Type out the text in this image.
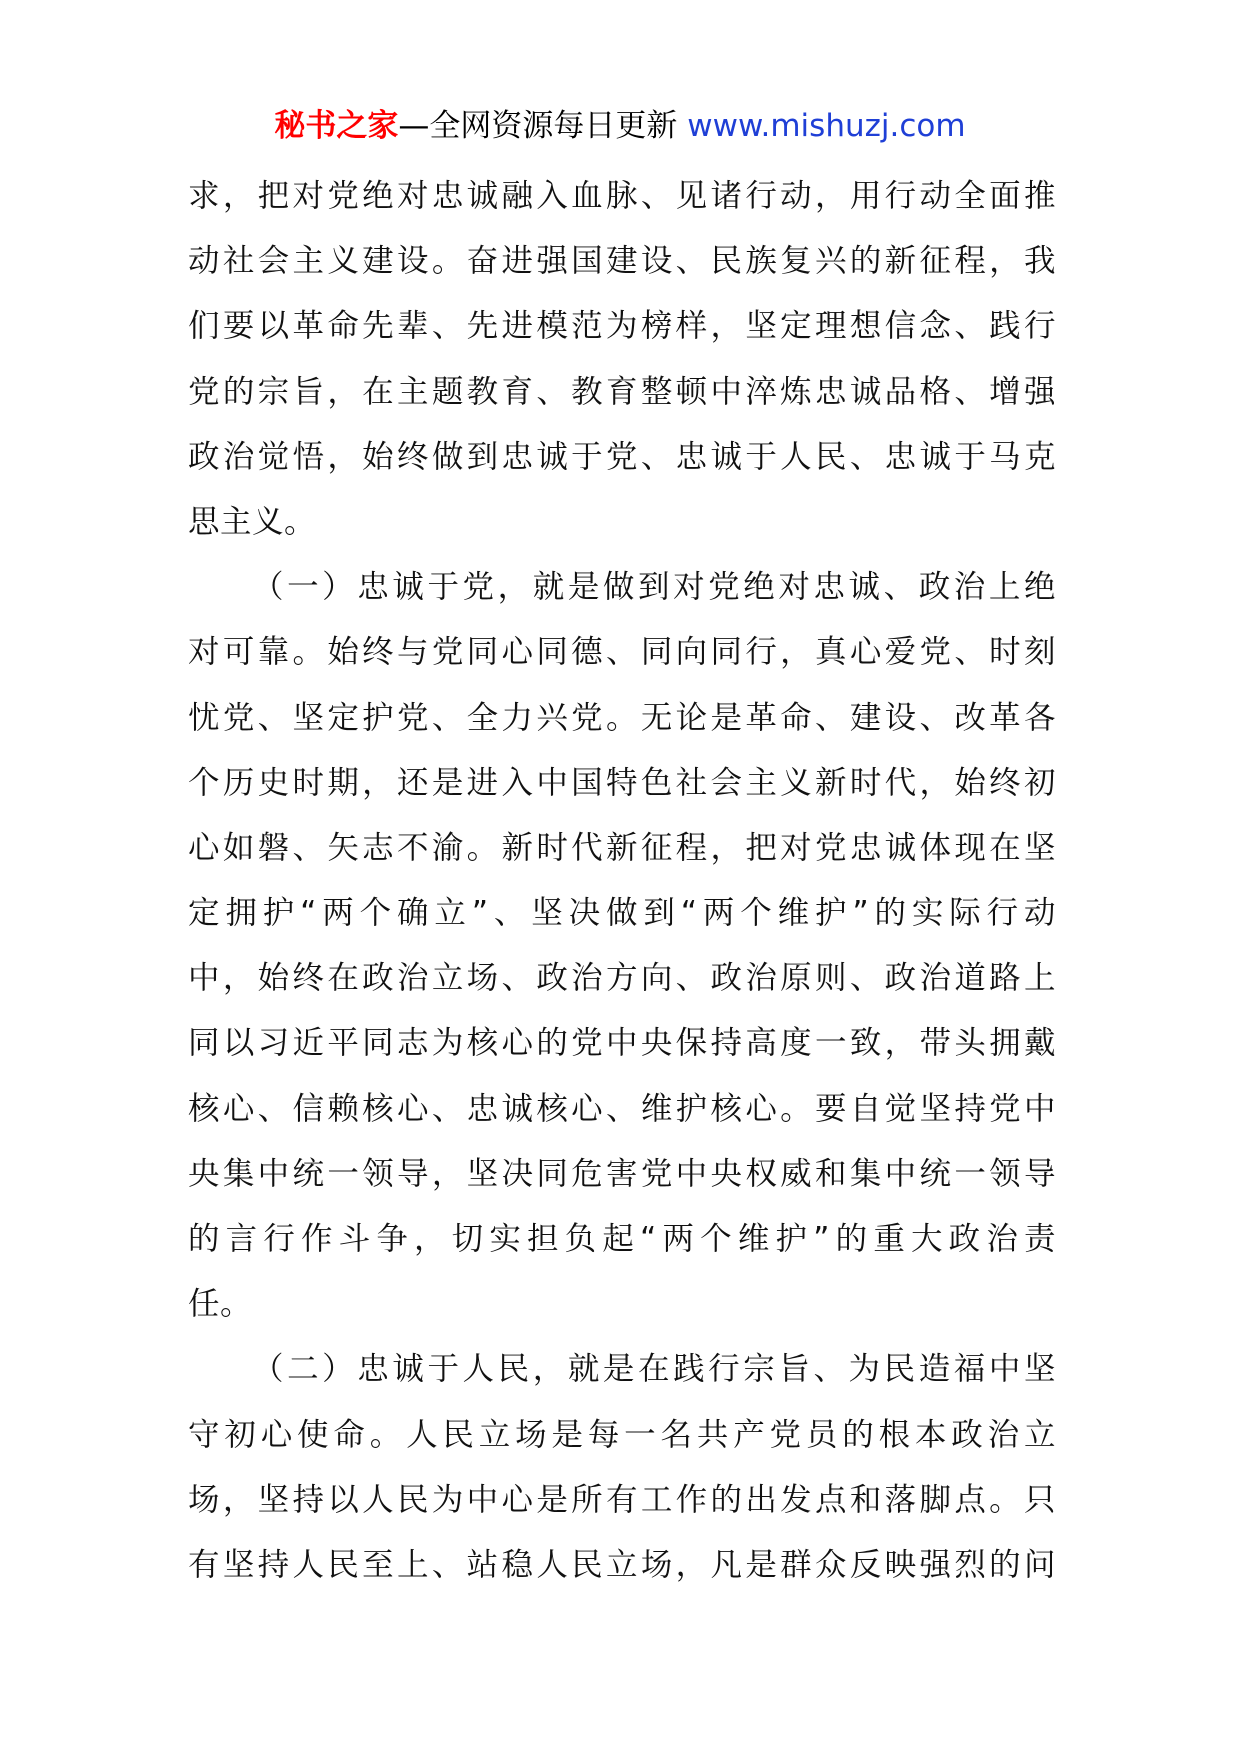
秘书之家—全网资源每日更新 www.mishuzj.com
求，把对党绝对忠诚融入血脉、见诸行动，用行动全面推
动社会主义建设。奋进强国建设、民族复兴的新征程，我
们要以革命先辈、先进模范为榜样，坚定理想信念、践行
党的宗旨，在主题教育、教育整顿中淬炼忠诚品格、增强
政治觉悟，始终做到忠诚于党、忠诚于人民、忠诚于马克
思主义。
（一）忠诚于党，就是做到对党绝对忠诚、政治上绝
对可靠。始终与党同心同德、同向同行，真心爱党、时刻
忧党、坚定护党、全力兴党。无论是革命、建设、改革各
个历史时期，还是进入中国特色社会主义新时代，始终初
心如磐、矢志不渝。新时代新征程，把对党忠诚体现在坚
定拥护“两个确立”、坚决做到“两个维护”的实际行动
中，始终在政治立场、政治方向、政治原则、政治道路上
同以习近平同志为核心的党中央保持高度一致，带头拥戴
核心、信赖核心、忠诚核心、维护核心。要自觉坚持党中
央集中统一领导，坚决同危害党中央权威和集中统一领导
的言行作斗争，切实担负起“两个维护”的重大政治责
任。
（二）忠诚于人民，就是在践行宗旨、为民造福中坚
守初心使命。人民立场是每一名共产党员的根本政治立
场，坚持以人民为中心是所有工作的出发点和落脚点。只
有坚持人民至上、站稳人民立场，凡是群众反映强烈的问
